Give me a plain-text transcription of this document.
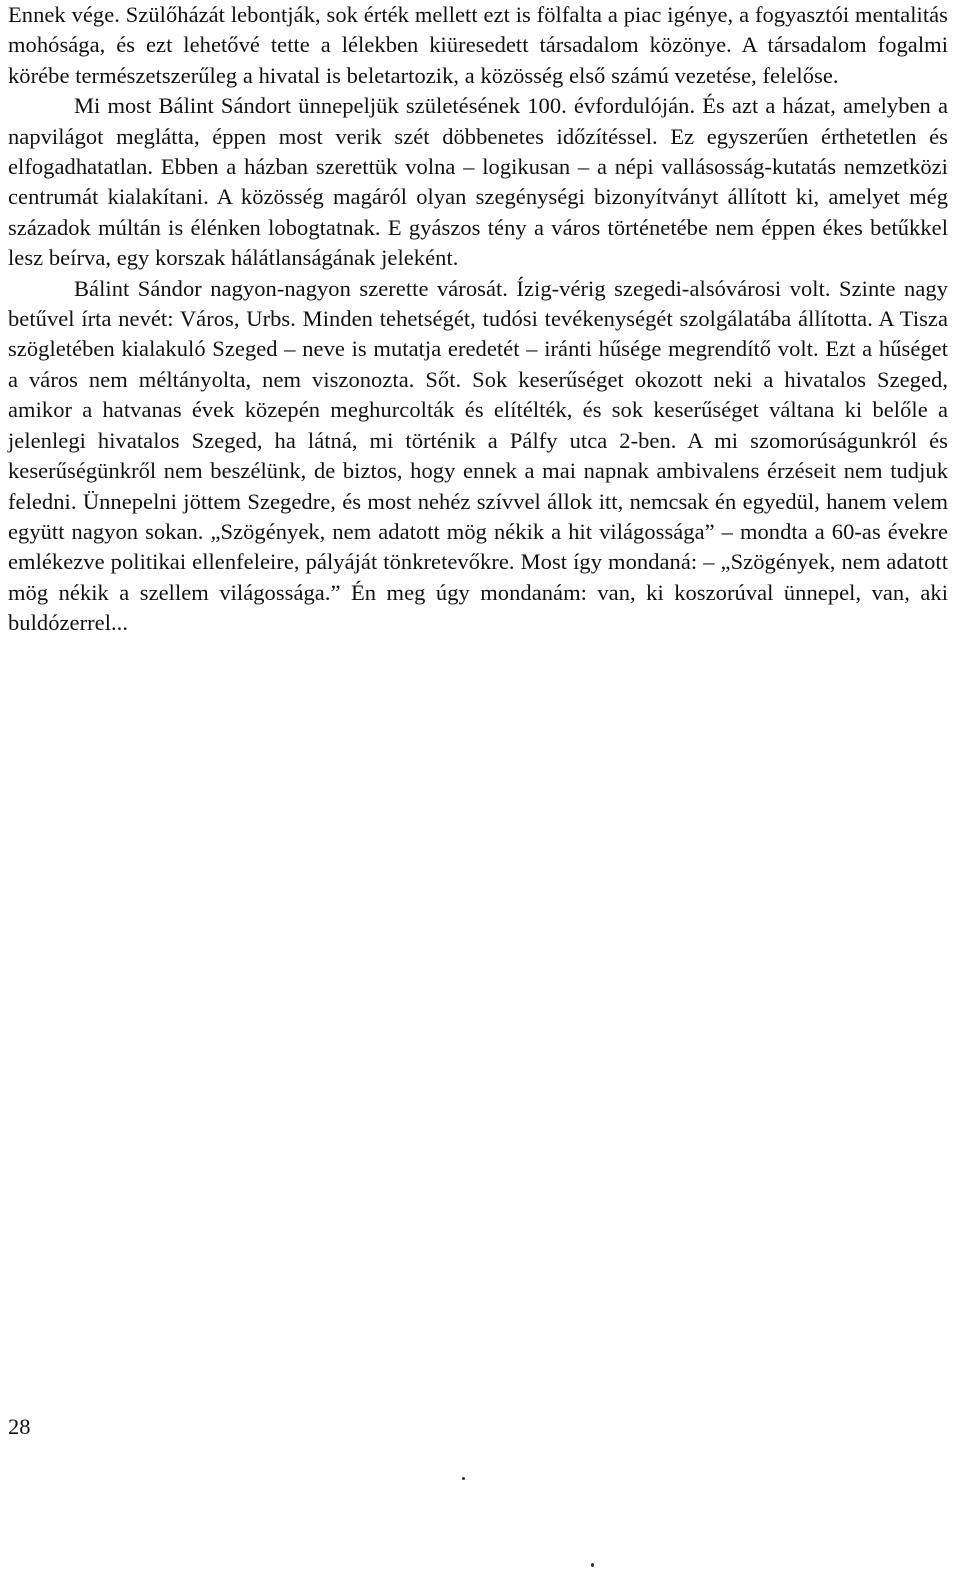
Ennek vége. Szülőházát lebontják, sok érték mellett ezt is fölfalta a piac igénye, a fogyasztói mentalitás mohósága, és ezt lehetővé tette a lélekben kiüresedett társadalom közönye. A társadalom fogalmi körébe természetszerűleg a hivatal is beletartozik, a közösség első számú vezetése, felelőse.

Mi most Bálint Sándort ünnepeljük születésének 100. évfordulóján. És azt a házat, amelyben a napvilágot meglátta, éppen most verik szét döbbenetes időzítéssel. Ez egyszerűen érthetetlen és elfogadhatatlan. Ebben a házban szerettük volna – logikusan – a népi vallásosság-kutatás nemzetközi centrumát kialakítani. A közösség magáról olyan szegénységi bizonyítványt állított ki, amelyet még századok múltán is élénken lobogtatnak. E gyászos tény a város történetébe nem éppen ékes betűkkel lesz beírva, egy korszak hálátlanságának jeleként.

Bálint Sándor nagyon-nagyon szerette városát. Ízig-vérig szegedi-alsóvárosi volt. Szinte nagy betűvel írta nevét: Város, Urbs. Minden tehetségét, tudósi tevékenységét szolgálatába állította. A Tisza szögletében kialakuló Szeged – neve is mutatja eredetét – iránti hűsége megrendítő volt. Ezt a hűséget a város nem méltányolta, nem viszonozta. Sőt. Sok keserűséget okozott neki a hivatalos Szeged, amikor a hatvanas évek közepén meghurcolták és elítélték, és sok keserűséget váltana ki belőle a jelenlegi hivatalos Szeged, ha látná, mi történik a Pálfy utca 2-ben. A mi szomorúságunkról és keserűségünkről nem beszélünk, de biztos, hogy ennek a mai napnak ambivalens érzéseit nem tudjuk feledni. Ünnepelni jöttem Szegedre, és most nehéz szívvel állok itt, nemcsak én egyedül, hanem velem együtt nagyon sokan. „Szögények, nem adatott mög nékik a hit világossága” – mondta a 60-as évekre emlékezve politikai ellenfeleire, pályáját tönkretevőkre. Most így mondaná: – „Szögények, nem adatott mög nékik a szellem világossága.” Én meg úgy mondanám: van, ki koszorúval ünnepel, van, aki buldózerrel...

28
